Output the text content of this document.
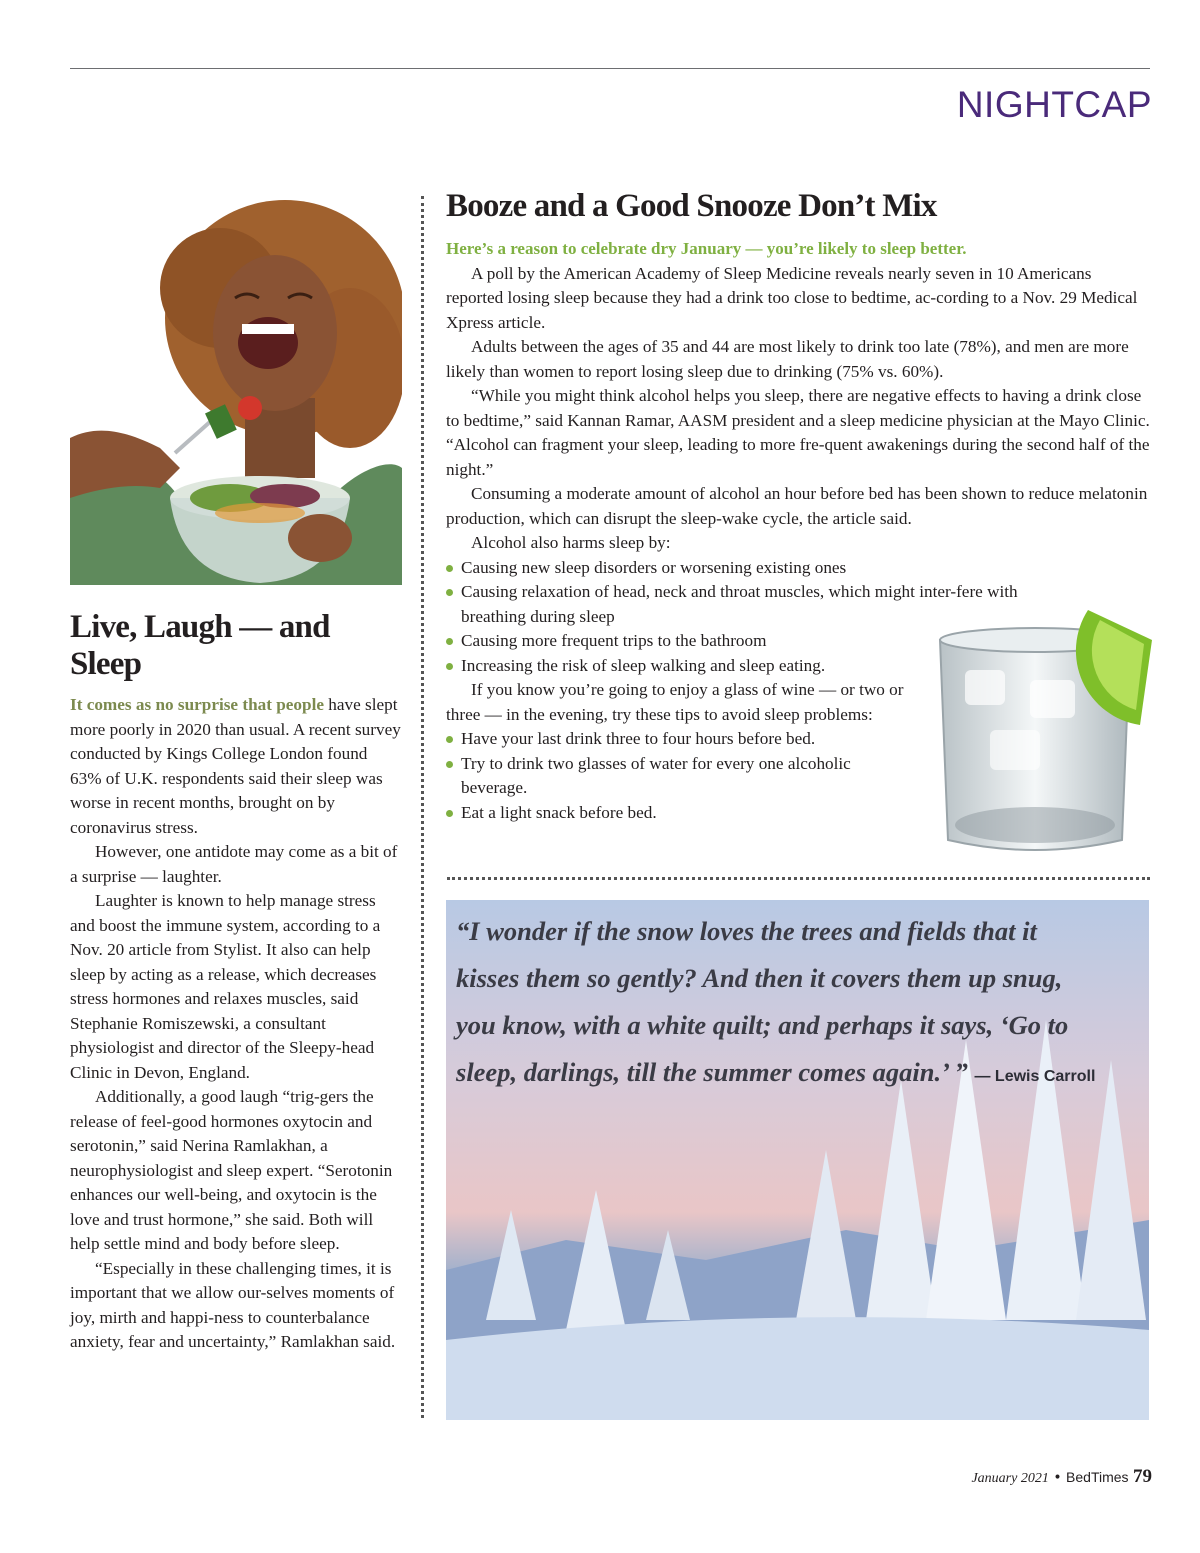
NIGHTCAP
Live, Laugh — and Sleep

It comes as no surprise that people have slept more poorly in 2020 than usual. A recent survey conducted by Kings College London found 63% of U.K. respondents said their sleep was worse in recent months, brought on by coronavirus stress.

However, one antidote may come as a bit of a surprise — laughter.

Laughter is known to help manage stress and boost the immune system, according to a Nov. 20 article from Stylist. It also can help sleep by acting as a release, which decreases stress hormones and relaxes muscles, said Stephanie Romiszewski, a consultant physiologist and director of the Sleepy-head Clinic in Devon, England.

Additionally, a good laugh “trig-gers the release of feel-good hormones oxytocin and serotonin,” said Nerina Ramlakhan, a neurophysiologist and sleep expert. “Serotonin enhances our well-being, and oxytocin is the love and trust hormone,” she said. Both will help settle mind and body before sleep.

“Especially in these challenging times, it is important that we allow our-selves moments of joy, mirth and happi-ness to counterbalance anxiety, fear and uncertainty,” Ramlakhan said.

Booze and a Good Snooze Don’t Mix
Here’s a reason to celebrate dry January — you’re likely to sleep better.

A poll by the American Academy of Sleep Medicine reveals nearly seven in 10 Americans reported losing sleep because they had a drink too close to bedtime, ac-cording to a Nov. 29 Medical Xpress article.

Adults between the ages of 35 and 44 are most likely to drink too late (78%), and men are more likely than women to report losing sleep due to drinking (75% vs. 60%).

“While you might think alcohol helps you sleep, there are negative effects to having a drink close to bedtime,” said Kannan Ramar, AASM president and a sleep medicine physician at the Mayo Clinic. “Alcohol can fragment your sleep, leading to more fre-quent awakenings during the second half of the night.”

Consuming a moderate amount of alcohol an hour before bed has been shown to reduce melatonin production, which can disrupt the sleep-wake cycle, the article said.

Alcohol also harms sleep by:

Causing new sleep disorders or worsening existing ones
Causing relaxation of head, neck and throat muscles, which might inter-fere with breathing during sleep
Causing more frequent trips to the bathroom
Increasing the risk of sleep walking and sleep eating.

If you know you’re going to enjoy a glass of wine — or two or three — in the evening, try these tips to avoid sleep problems:

Have your last drink three to four hours before bed.
Try to drink two glasses of water for every one alcoholic beverage.
Eat a light snack before bed.

“I wonder if the snow loves the trees and fields that it kisses them so gently? And then it covers them up snug, you know, with a white quilt; and perhaps it says, ‘Go to sleep, darlings, till the summer comes again.’ ” — Lewis Carroll

January 2021 • BedTimes 79
